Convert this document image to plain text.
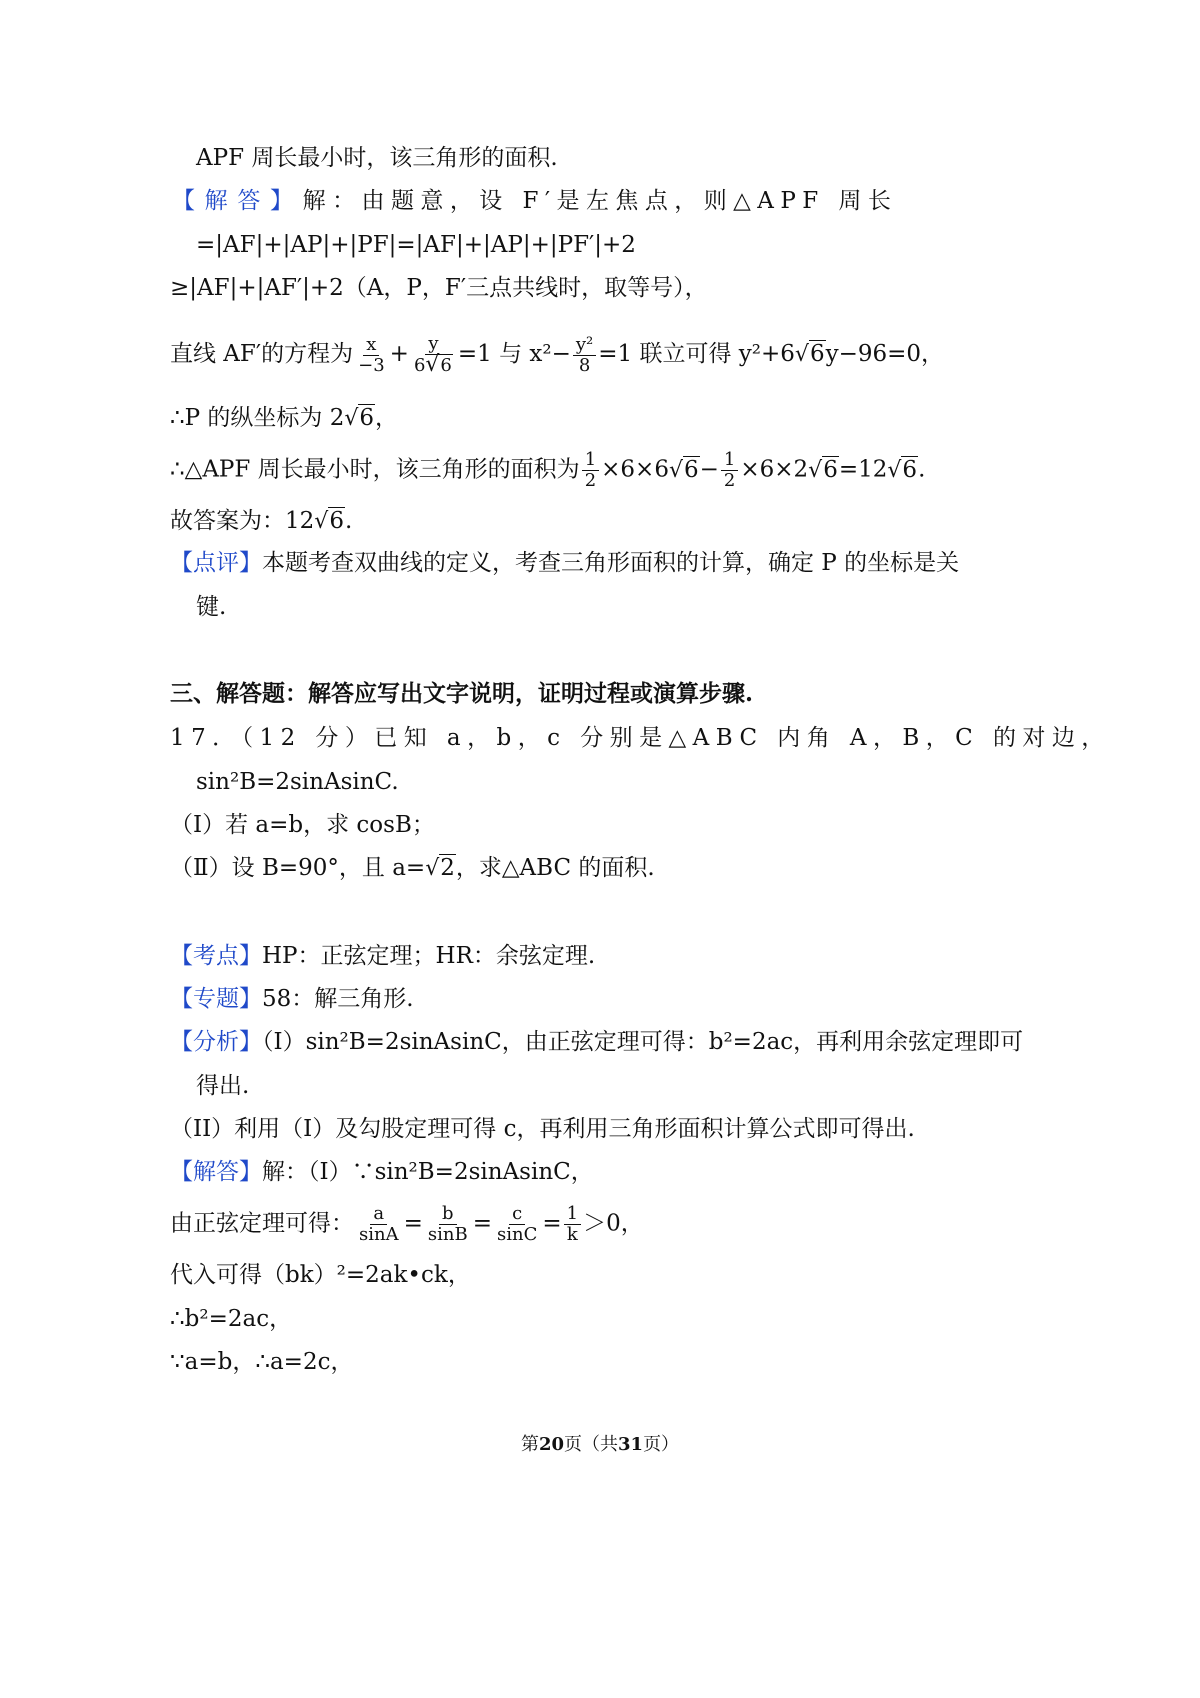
APF 周长最小时，该三角形的面积.
【解答】解：由题意，设 F′是左焦点，则△APF 周长
=|AF|+|AP|+|PF|=|AF|+|AP|+|PF′|+2
≥|AF|+|AF′|+2（A，P，F′三点共线时，取等号），
直线 AF′的方程为 $\frac{x}{-3} + \frac{y}{6√6} =1$ 与 $x^2- \frac{\text{y²}}{8} =1$ 联立可得 y²+6√6y−96=0，
∴P 的纵坐标为 2√6，
∴△APF 周长最小时，该三角形的面积为 $\frac{1}{2} \times 6\times 6√6- \frac{1}{2} \times 6\times 2√6=12√6$.
故答案为：12√6.
【点评】本题考查双曲线的定义，考查三角形面积的计算，确定 P 的坐标是关
键.
三、解答题：解答应写出文字说明，证明过程或演算步骤.
17．（12 分）已知 a，b，c 分别是△ABC 内角 A，B，C 的对边，
sin²B=2sinAsinC.
（Ⅰ）若 a=b，求 cosB；
（Ⅱ）设 B=90°，且 a=√2，求△ABC 的面积.
【考点】HP：正弦定理；HR：余弦定理.
【专题】58：解三角形.
【分析】（I）sin²B=2sinAsinC，由正弦定理可得：b²=2ac，再利用余弦定理即可
得出.
（II）利用（I）及勾股定理可得 c，再利用三角形面积计算公式即可得出.
【解答】解：（I）∵sin²B=2sinAsinC，
由正弦定理可得： $\frac{a}{\sin A} = \frac{b}{\sin B} = \frac{c}{\sin C} = \frac{1}{k} >0$，
代入可得（bk）²=2ak•ck，
∴b²=2ac，
∵a=b，∴a=2c，
第20页（共31页）
